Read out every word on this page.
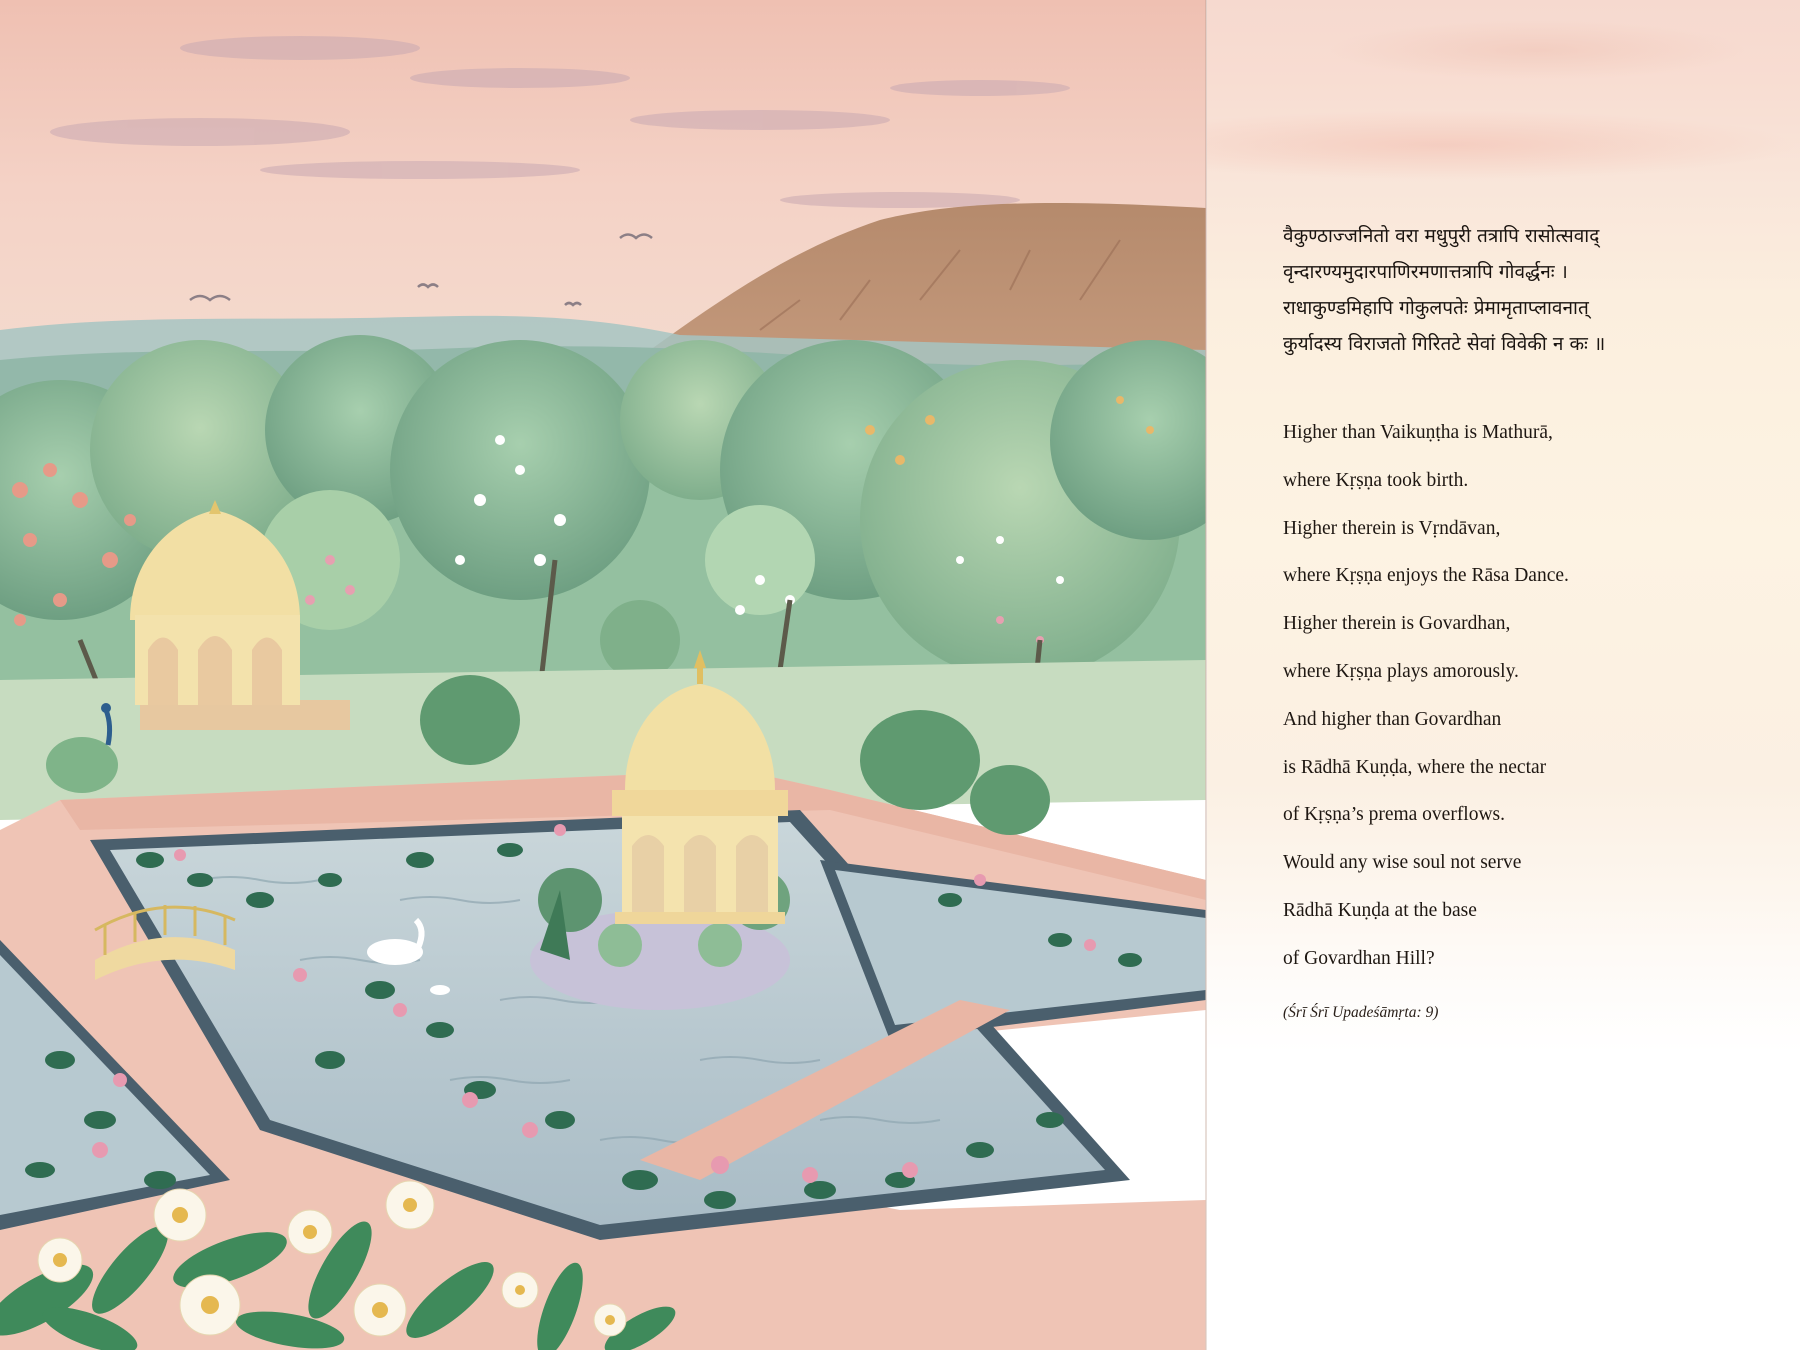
वैकुण्ठाज्जनितो वरा मधुपुरी तत्रापि रासोत्सवाद्
वृन्दारण्यमुदारपाणिरमणात्तत्रापि गोवर्द्धनः ।
राधाकुण्डमिहापि गोकुलपतेः प्रेमामृताप्लावनात्
कुर्यादस्य विराजतो गिरितटे सेवां विवेकी न कः ॥
Higher than Vaikuṇṭha is Mathurā,
where Kṛṣṇa took birth.
Higher therein is Vṛndāvan,
where Kṛṣṇa enjoys the Rāsa Dance.
Higher therein is Govardhan,
where Kṛṣṇa plays amorously.
And higher than Govardhan
is Rādhā Kuṇḍa, where the nectar
of Kṛṣṇa’s prema overflows.
Would any wise soul not serve
Rādhā Kuṇḍa at the base
of Govardhan Hill?
(Śrī Śrī Upadeśāmṛta: 9)
